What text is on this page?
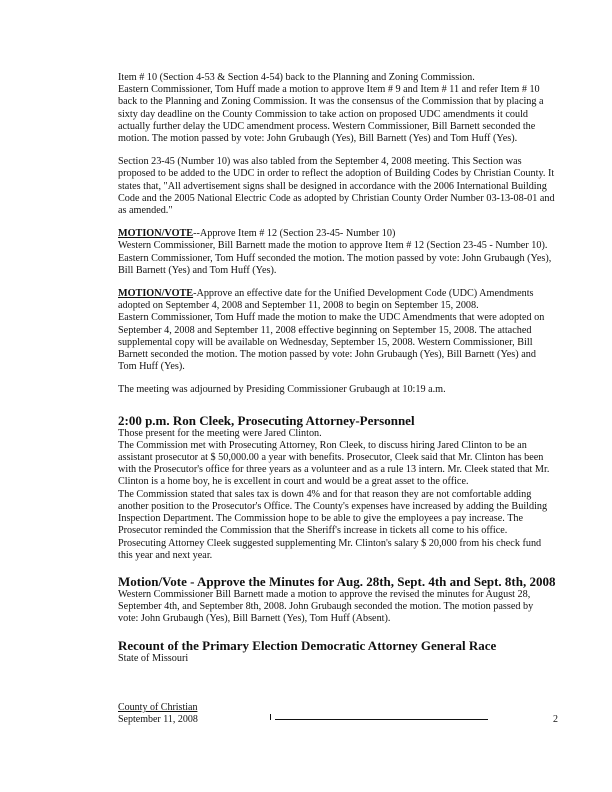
Item # 10 (Section 4-53 & Section 4-54) back to the Planning and Zoning Commission.

Eastern Commissioner, Tom Huff made a motion to approve Item # 9 and Item # 11 and refer Item # 10 back to the Planning and Zoning Commission. It was the consensus of the Commission that by placing a sixty day deadline on the County Commission to take action on proposed UDC amendments it could actually further delay the UDC amendment process. Western Commissioner, Bill Barnett seconded the motion. The motion passed by vote: John Grubaugh (Yes), Bill Barnett (Yes) and Tom Huff (Yes).

Section 23-45 (Number 10) was also tabled from the September 4, 2008 meeting. This Section was proposed to be added to the UDC in order to reflect the adoption of Building Codes by Christian County. It states that, "All advertisement signs shall be designed in accordance with the 2006 International Building Code and the 2005 National Electric Code as adopted by Christian County Order Number 03-13-08-01 and as amended."

MOTION/VOTE--Approve Item # 12 (Section 23-45- Number 10)

Western Commissioner, Bill Barnett made the motion to approve Item # 12 (Section 23-45 - Number 10). Eastern Commissioner, Tom Huff seconded the motion. The motion passed by vote: John Grubaugh (Yes), Bill Barnett (Yes) and Tom Huff (Yes).

MOTION/VOTE-Approve an effective date for the Unified Development Code (UDC) Amendments adopted on September 4, 2008 and September 11, 2008 to begin on September 15, 2008.

Eastern Commissioner, Tom Huff made the motion to make the UDC Amendments that were adopted on September 4, 2008 and September 11, 2008 effective beginning on September 15, 2008. The attached supplemental copy will be available on Wednesday, September 15, 2008. Western Commissioner, Bill Barnett seconded the motion. The motion passed by vote: John Grubaugh (Yes), Bill Barnett (Yes) and Tom Huff (Yes).

The meeting was adjourned by Presiding Commissioner Grubaugh at 10:19 a.m.

2:00 p.m. Ron Cleek, Prosecuting Attorney-Personnel

Those present for the meeting were Jared Clinton.

The Commission met with Prosecuting Attorney, Ron Cleek, to discuss hiring Jared Clinton to be an assistant prosecutor at $ 50,000.00 a year with benefits. Prosecutor, Cleek said that Mr. Clinton has been with the Prosecutor's office for three years as a volunteer and as a rule 13 intern. Mr. Cleek stated that Mr. Clinton is a home boy, he is excellent in court and would be a great asset to the office.

The Commission stated that sales tax is down 4% and for that reason they are not comfortable adding another position to the Prosecutor's Office. The County's expenses have increased by adding the Building Inspection Department. The Commission hope to be able to give the employees a pay increase. The Prosecutor reminded the Commission that the Sheriff's increase in tickets all come to his office. Prosecuting Attorney Cleek suggested supplementing Mr. Clinton's salary $ 20,000 from his check fund this year and next year.

Motion/Vote - Approve the Minutes for Aug. 28th, Sept. 4th and Sept. 8th, 2008

Western Commissioner Bill Barnett made a motion to approve the revised the minutes for August 28, September 4th, and September 8th, 2008. John Grubaugh seconded the motion. The motion passed by vote: John Grubaugh (Yes), Bill Barnett (Yes), Tom Huff (Absent).

Recount of the Primary Election Democratic Attorney General Race

State of Missouri

County of Christian
September 11, 2008	2
